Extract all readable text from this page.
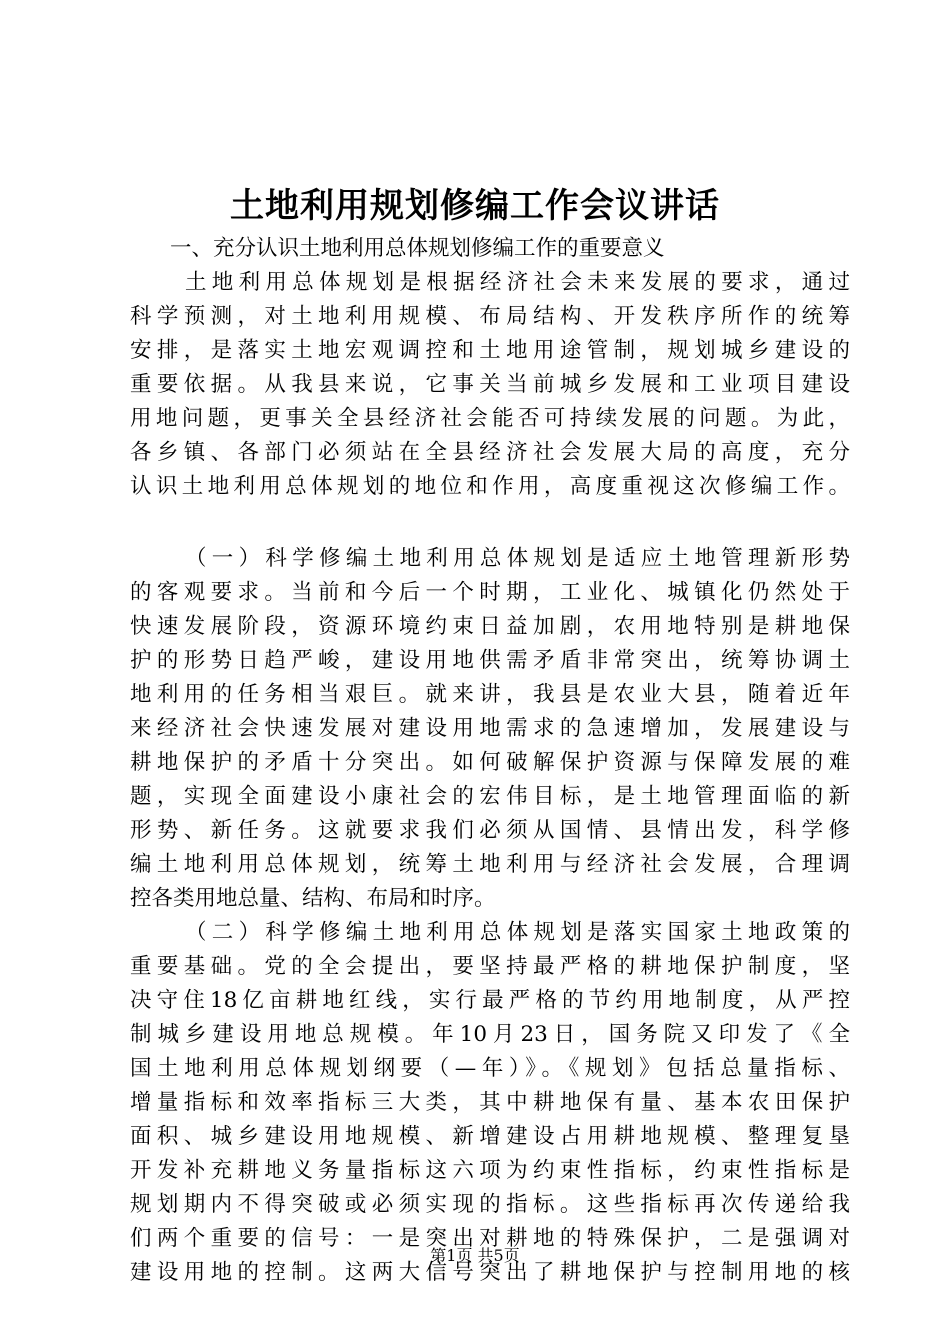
土地利用规划修编工作会议讲话
一、充分认识土地利用总体规划修编工作的重要意义
土地利用总体规划是根据经济社会未来发展的要求，通过
科学预测，对土地利用规模、布局结构、开发秩序所作的统筹
安排，是落实土地宏观调控和土地用途管制，规划城乡建设的
重要依据。从我县来说，它事关当前城乡发展和工业项目建设
用地问题，更事关全县经济社会能否可持续发展的问题。为此，
各乡镇、各部门必须站在全县经济社会发展大局的高度，充分
认识土地利用总体规划的地位和作用，高度重视这次修编工作。
（一）科学修编土地利用总体规划是适应土地管理新形势
的客观要求。当前和今后一个时期，工业化、城镇化仍然处于
快速发展阶段，资源环境约束日益加剧，农用地特别是耕地保
护的形势日趋严峻，建设用地供需矛盾非常突出，统筹协调土
地利用的任务相当艰巨。就来讲，我县是农业大县，随着近年
来经济社会快速发展对建设用地需求的急速增加，发展建设与
耕地保护的矛盾十分突出。如何破解保护资源与保障发展的难
题，实现全面建设小康社会的宏伟目标，是土地管理面临的新
形势、新任务。这就要求我们必须从国情、县情出发，科学修
编土地利用总体规划，统筹土地利用与经济社会发展，合理调
控各类用地总量、结构、布局和时序。
（二）科学修编土地利用总体规划是落实国家土地政策的
重要基础。党的全会提出，要坚持最严格的耕地保护制度，坚
决守住18亿亩耕地红线，实行最严格的节约用地制度，从严控
制城乡建设用地总规模。年10月23日，国务院又印发了《全
国土地利用总体规划纲要（—年）》。《规划》包括总量指标、
增量指标和效率指标三大类，其中耕地保有量、基本农田保护
面积、城乡建设用地规模、新增建设占用耕地规模、整理复垦
开发补充耕地义务量指标这六项为约束性指标，约束性指标是
规划期内不得突破或必须实现的指标。这些指标再次传递给我
们两个重要的信号：一是突出对耕地的特殊保护，二是强调对
建设用地的控制。这两大信号突出了耕地保护与控制用地的核
第1页 共5页
